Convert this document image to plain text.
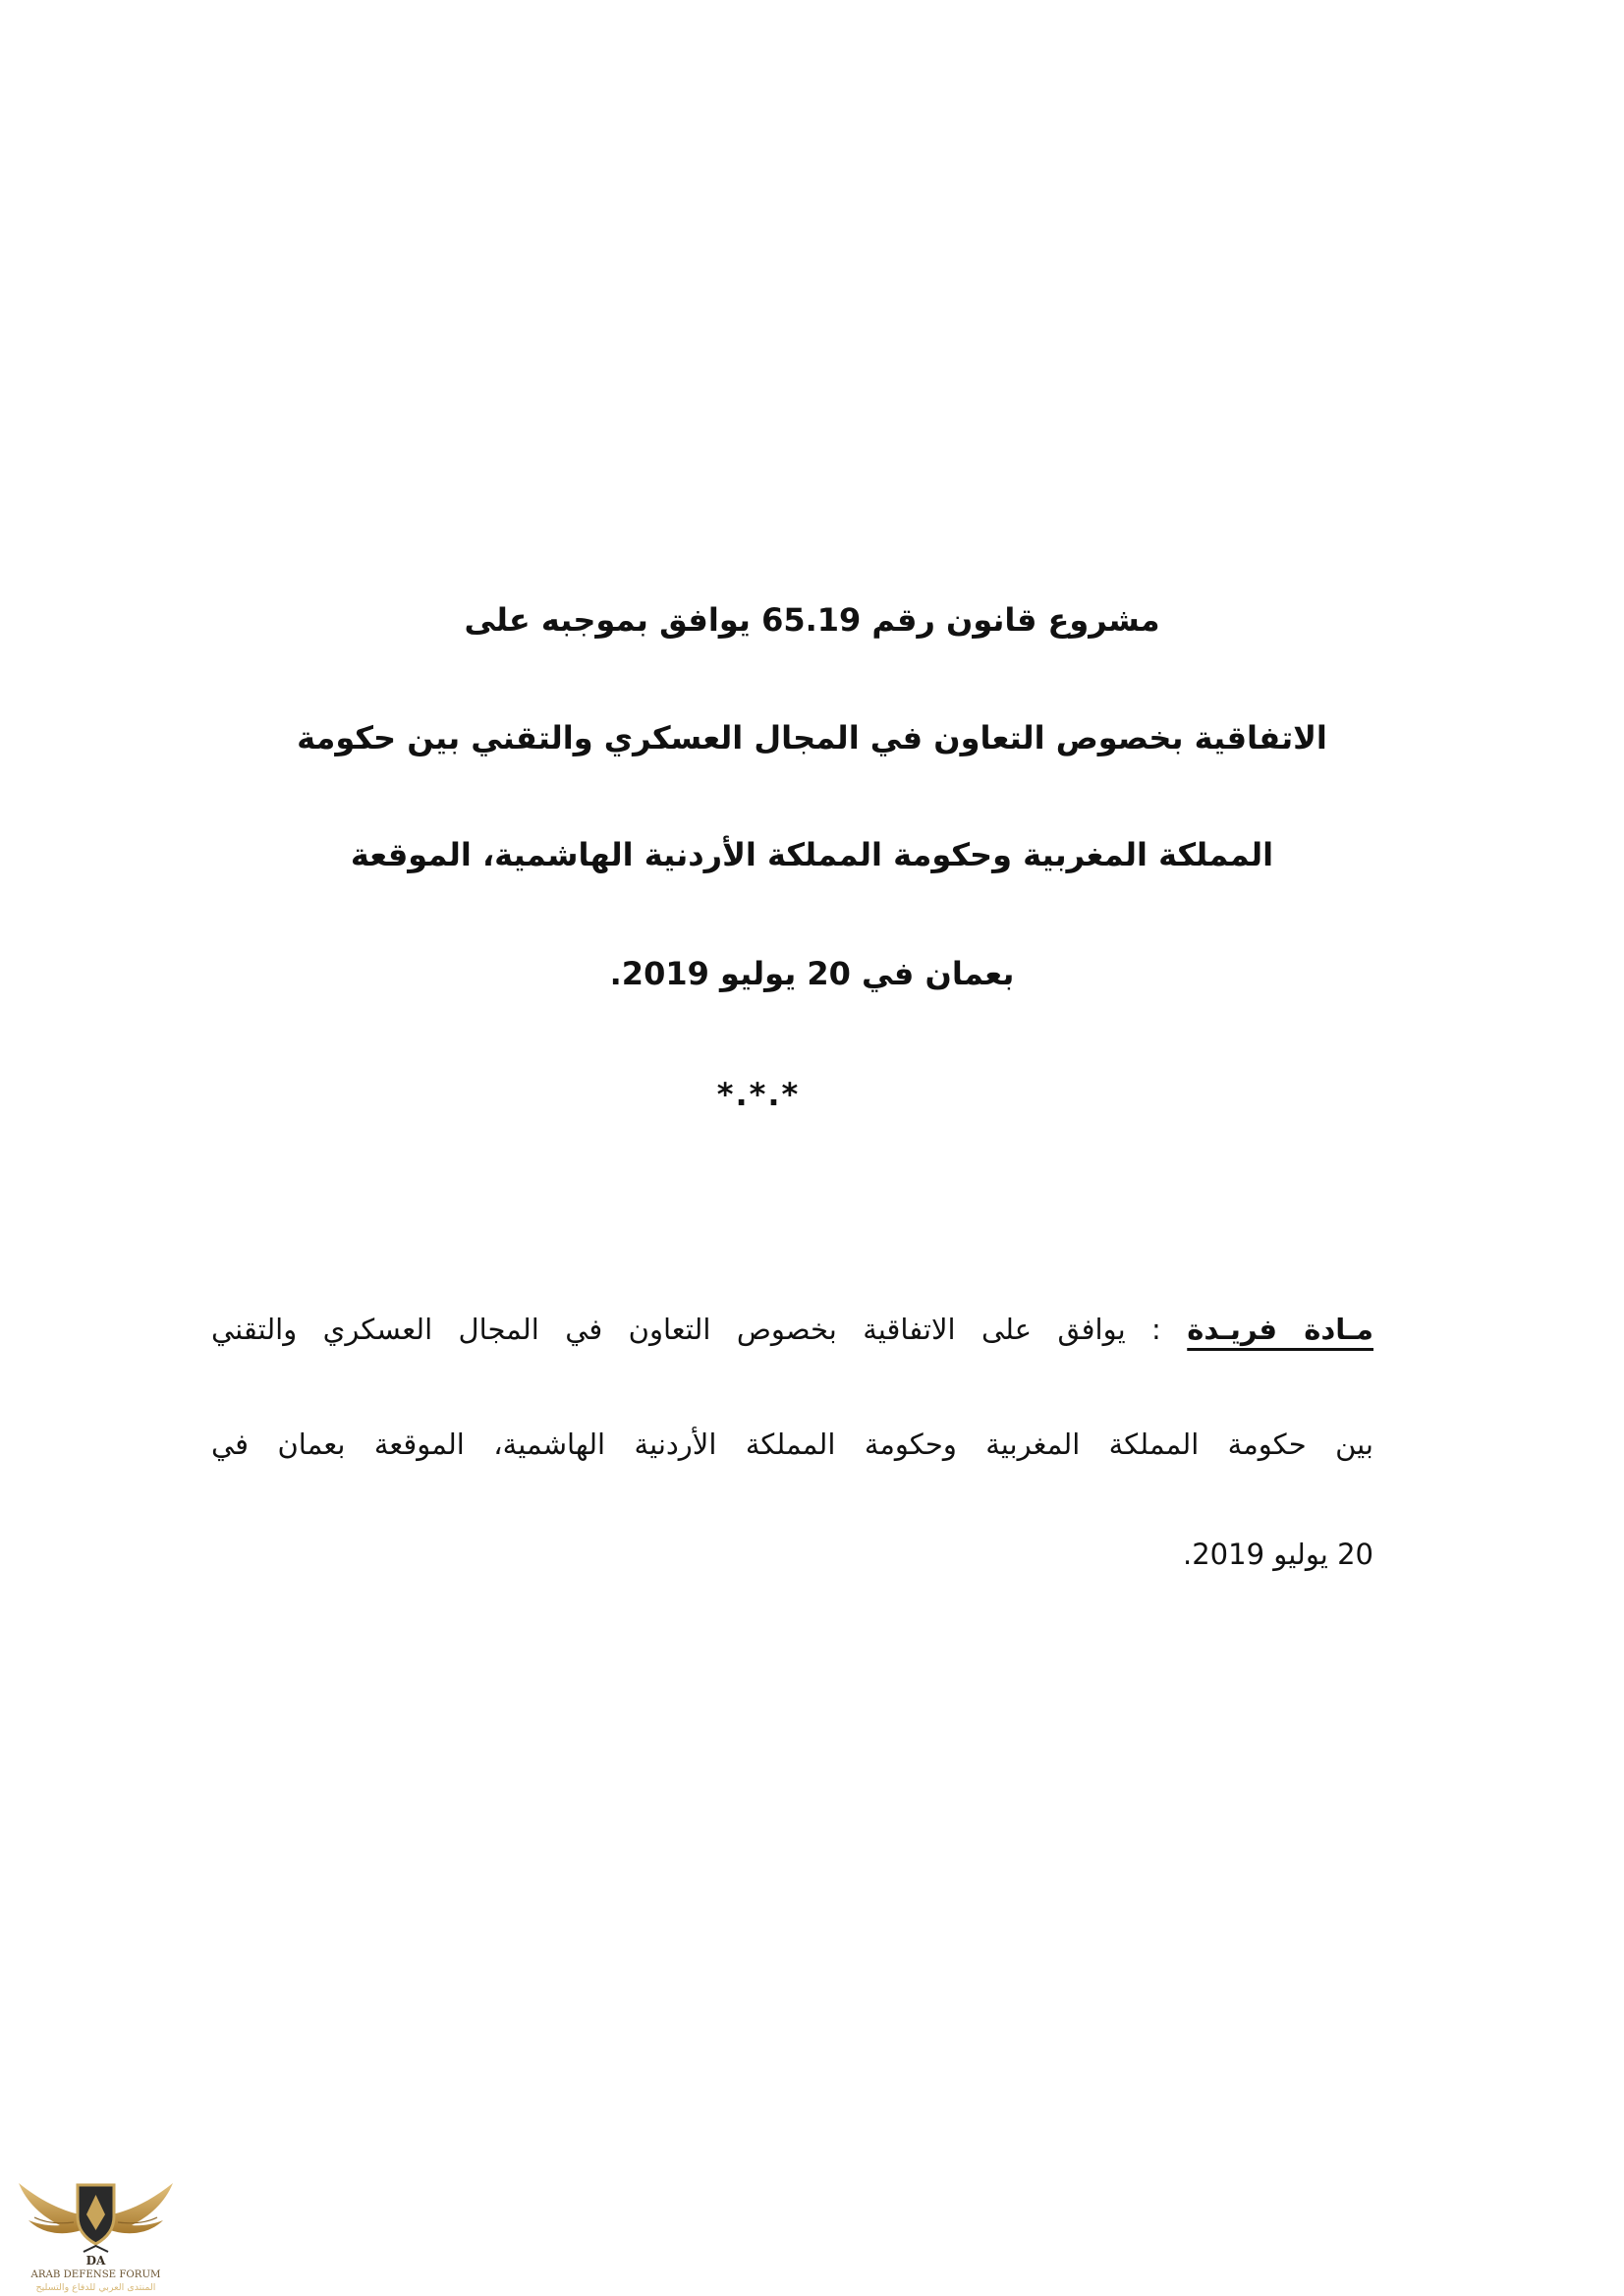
مشروع قانون رقم 65.19 يوافق بموجبه على
الاتفاقية بخصوص التعاون في المجال العسكري والتقني بين حكومة
المملكة المغربية وحكومة المملكة الأردنية الهاشمية، الموقعة
بعمان في 20 يوليو 2019.
*.*.*
مـادة فريـدة : يوافق على الاتفاقية بخصوص التعاون في المجال العسكري والتقني
بين حكومة المملكة المغربية وحكومة المملكة الأردنية الهاشمية، الموقعة بعمان في
20 يوليو 2019.
DA
ARAB DEFENSE FORUM
المنتدى العربي للدفاع والتسليح
